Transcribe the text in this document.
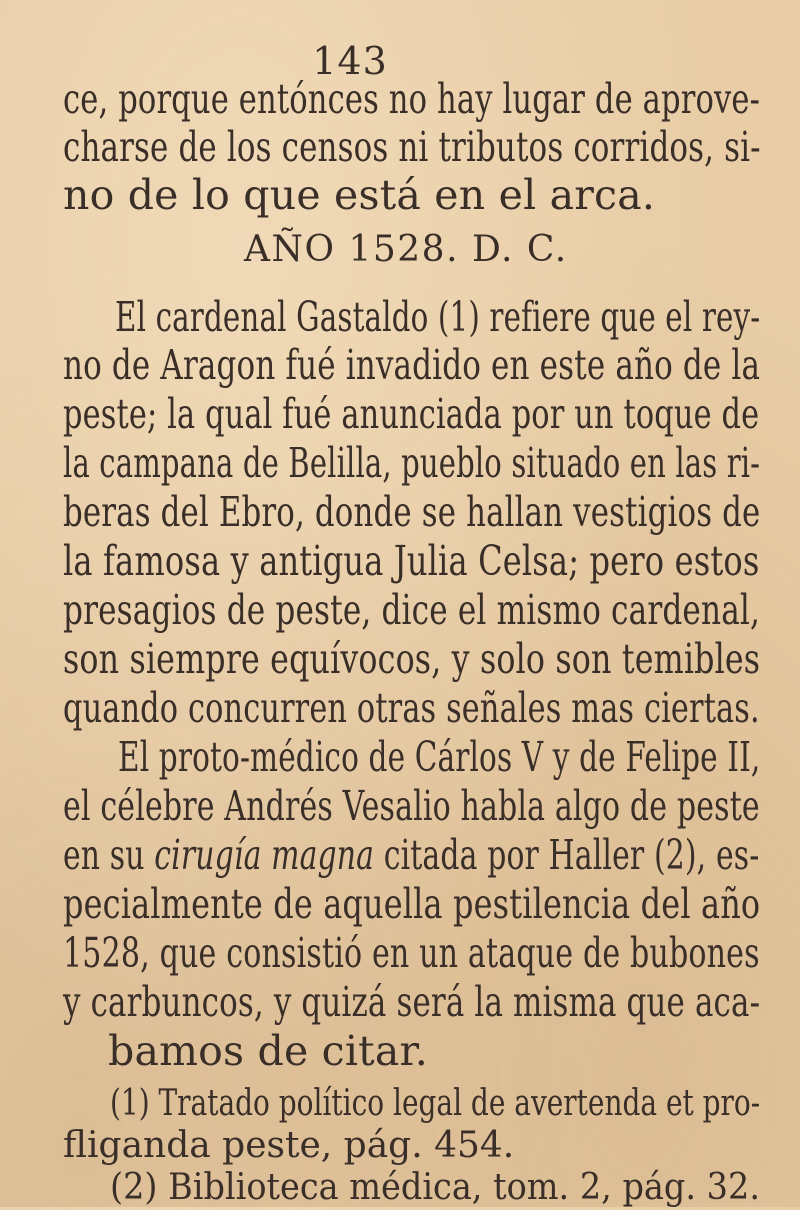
143
ce, porque entónces no hay lugar de aprove-
charse de los censos ni tributos corridos, si-
no de lo que está en el arca.
AÑO 1528. D. C.
El cardenal Gastaldo (1) refiere que el rey-
no de Aragon fué invadido en este año de la
peste; la qual fué anunciada por un toque de
la campana de Belilla, pueblo situado en las ri-
beras del Ebro, donde se hallan vestigios de
la famosa y antigua Julia Celsa; pero estos
presagios de peste, dice el mismo cardenal,
son siempre equívocos, y solo son temibles
quando concurren otras señales mas ciertas.
El proto-médico de Cárlos V y de Felipe II,
el célebre Andrés Vesalio habla algo de peste
en su cirugía magna citada por Haller (2), es-
pecialmente de aquella pestilencia del año
1528, que consistió en un ataque de bubones
y carbuncos, y quizá será la misma que aca-
bamos de citar.
(1) Tratado político legal de avertenda et pro-
fliganda peste, pág. 454.
(2) Biblioteca médica, tom. 2, pág. 32.
